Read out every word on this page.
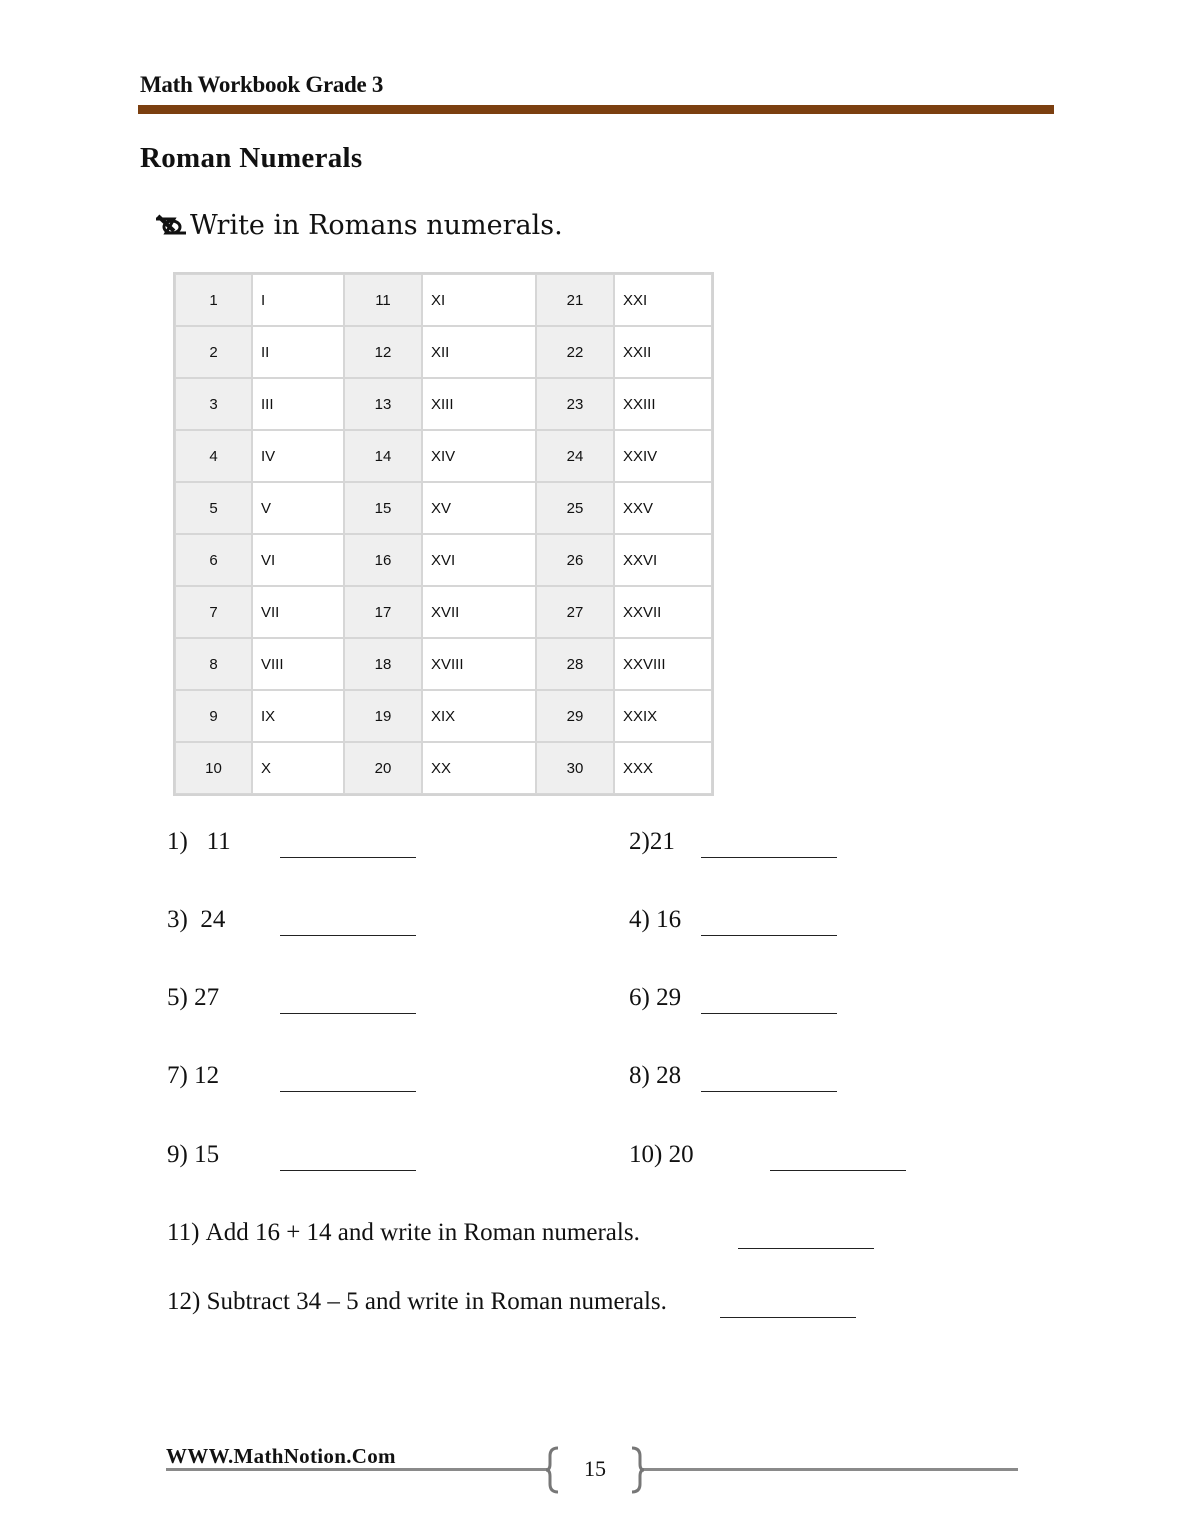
Math Workbook Grade 3
Roman Numerals
Write in Romans numerals.
1	I	11	XI	21	XXI
2	II	12	XII	22	XXII
3	III	13	XIII	23	XXIII
4	IV	14	XIV	24	XXIV
5	V	15	XV	25	XXV
6	VI	16	XVI	26	XXVI
7	VII	17	XVII	27	XXVII
8	VIII	18	XVIII	28	XXVIII
9	IX	19	XIX	29	XXIX
10	X	20	XX	30	XXX
1) 11	2)21
3) 24	4) 16
5) 27	6) 29
7) 12	8) 28
9) 15	10) 20
11) Add 16 + 14 and write in Roman numerals.
12) Subtract 34 – 5 and write in Roman numerals.
WWW.MathNotion.Com	15
